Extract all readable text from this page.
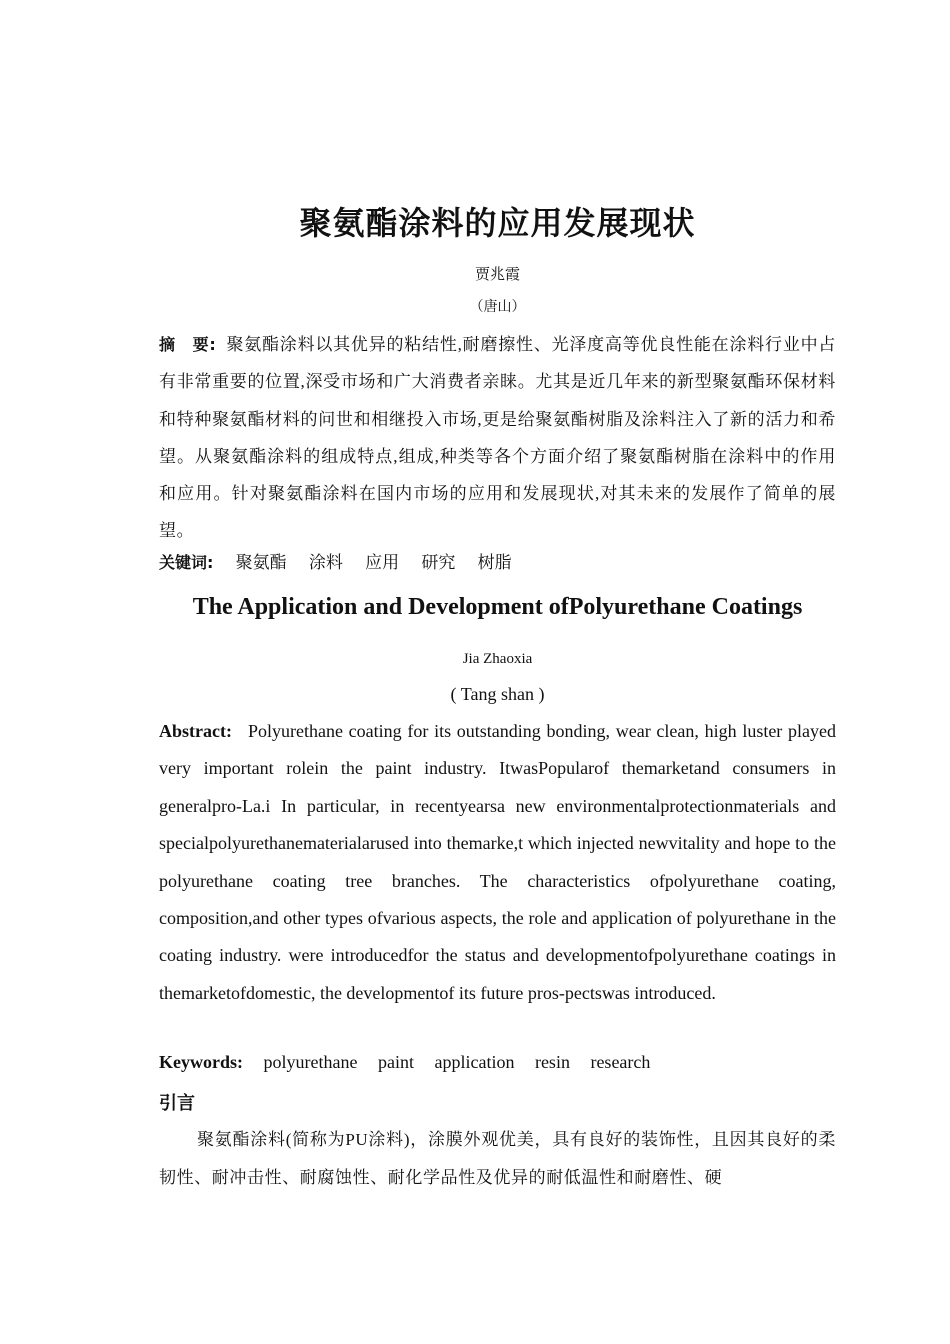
聚氨酯涂料的应用发展现状
贾兆霞
（唐山）
摘　要: 聚氨酯涂料以其优异的粘结性,耐磨擦性、光泽度高等优良性能在涂料行业中占有非常重要的位置,深受市场和广大消费者亲睐。尤其是近几年来的新型聚氨酯环保材料和特种聚氨酯材料的问世和相继投入市场,更是给聚氨酯树脂及涂料注入了新的活力和希望。从聚氨酯涂料的组成特点,组成,种类等各个方面介绍了聚氨酯树脂在涂料中的作用和应用。针对聚氨酯涂料在国内市场的应用和发展现状,对其未来的发展作了简单的展望。
关键词: 聚氨酯 涂料 应用 研究 树脂
The Application and Development ofPolyurethane Coatings
Jia Zhaoxia
( Tang shan )
Abstract: Polyurethane coating for its outstanding bonding, wear clean, high luster played very important rolein the paint industry. ItwasPopularof themarketand consumers in generalpro-La.i In particular, in recentyearsa new environmentalprotectionmaterials and specialpolyurethanematerialarused into themarke,t which injected newvitality and hope to the polyurethane coating tree branches. The characteristics ofpolyurethane coating, composition,and other types ofvarious aspects, the role and application of polyurethane in the coating industry. were introducedfor the status and developmentofpolyurethane coatings in themarketofdomestic, the developmentof its future pros-pectswas introduced.
Keywords: polyurethane paint application resin research
引言
聚氨酯涂料(简称为PU涂料)，涂膜外观优美，具有良好的装饰性，且因其良好的柔韧性、耐冲击性、耐腐蚀性、耐化学品性及优异的耐低温性和耐磨性、硬
